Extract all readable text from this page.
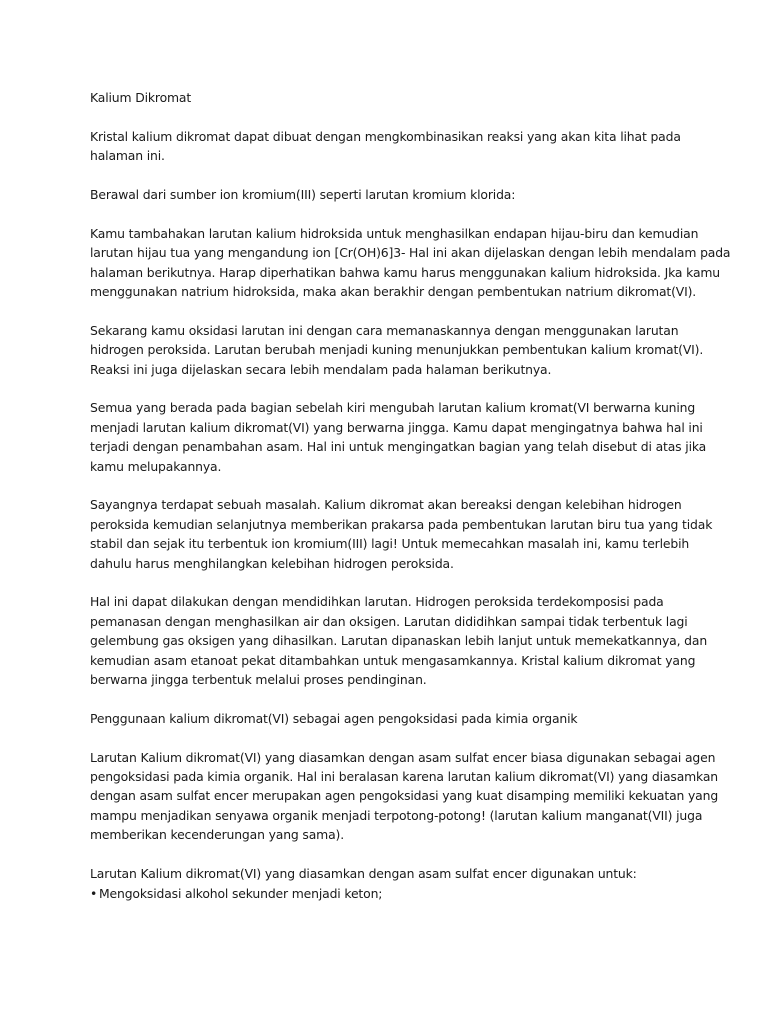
Kalium Dikromat
Kristal kalium dikromat dapat dibuat dengan mengkombinasikan reaksi yang akan kita lihat pada
halaman ini.
Berawal dari sumber ion kromium(III) seperti larutan kromium klorida:
Kamu tambahakan larutan kalium hidroksida untuk menghasilkan endapan hijau-biru dan kemudian
larutan hijau tua yang mengandung ion [Cr(OH)6]3- Hal ini akan dijelaskan dengan lebih mendalam pada
halaman berikutnya. Harap diperhatikan bahwa kamu harus menggunakan kalium hidroksida. Jka kamu
menggunakan natrium hidroksida, maka akan berakhir dengan pembentukan natrium dikromat(VI).
Sekarang kamu oksidasi larutan ini dengan cara memanaskannya dengan menggunakan larutan
hidrogen peroksida. Larutan berubah menjadi kuning menunjukkan pembentukan kalium kromat(VI).
Reaksi ini juga dijelaskan secara lebih mendalam pada halaman berikutnya.
Semua yang berada pada bagian sebelah kiri mengubah larutan kalium kromat(VI berwarna kuning
menjadi larutan kalium dikromat(VI) yang berwarna jingga. Kamu dapat mengingatnya bahwa hal ini
terjadi dengan penambahan asam. Hal ini untuk mengingatkan bagian yang telah disebut di atas jika
kamu melupakannya.
Sayangnya terdapat sebuah masalah. Kalium dikromat akan bereaksi dengan kelebihan hidrogen
peroksida kemudian selanjutnya memberikan prakarsa pada pembentukan larutan biru tua yang tidak
stabil dan sejak itu terbentuk ion kromium(III) lagi! Untuk memecahkan masalah ini, kamu terlebih
dahulu harus menghilangkan kelebihan hidrogen peroksida.
Hal ini dapat dilakukan dengan mendidihkan larutan. Hidrogen peroksida terdekomposisi pada
pemanasan dengan menghasilkan air dan oksigen. Larutan dididihkan sampai tidak terbentuk lagi
gelembung gas oksigen yang dihasilkan. Larutan dipanaskan lebih lanjut untuk memekatkannya, dan
kemudian asam etanoat pekat ditambahkan untuk mengasamkannya. Kristal kalium dikromat yang
berwarna jingga terbentuk melalui proses pendinginan.
Penggunaan kalium dikromat(VI) sebagai agen pengoksidasi pada kimia organik
Larutan Kalium dikromat(VI) yang diasamkan dengan asam sulfat encer biasa digunakan sebagai agen
pengoksidasi pada kimia organik. Hal ini beralasan karena larutan kalium dikromat(VI) yang diasamkan
dengan asam sulfat encer merupakan agen pengoksidasi yang kuat disamping memiliki kekuatan yang
mampu menjadikan senyawa organik menjadi terpotong-potong! (larutan kalium manganat(VII) juga
memberikan kecenderungan yang sama).
Larutan Kalium dikromat(VI) yang diasamkan dengan asam sulfat encer digunakan untuk:
• Mengoksidasi alkohol sekunder menjadi keton;
